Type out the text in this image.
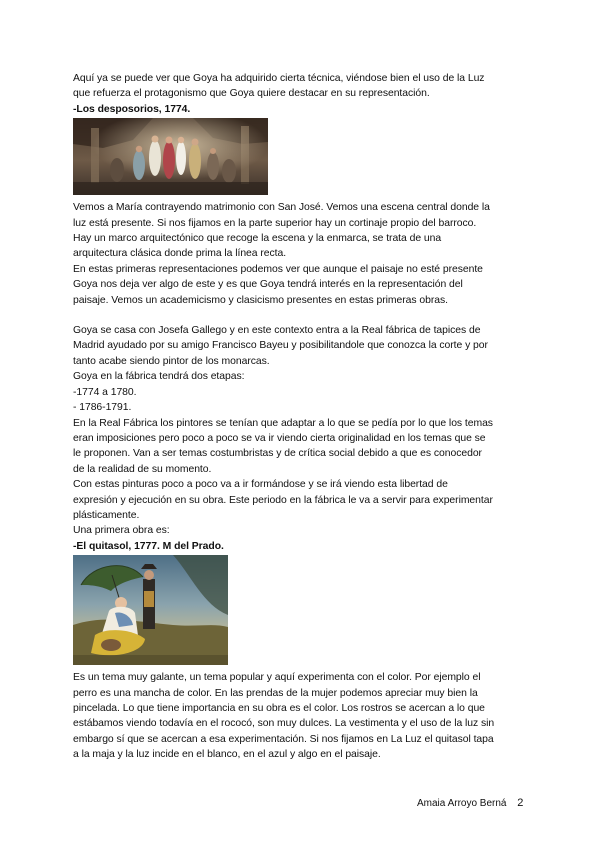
Aquí ya se puede ver que Goya ha adquirido cierta técnica, viéndose bien el uso de la Luz
que refuerza el protagonismo que Goya quiere destacar en su representación.
-Los desposorios, 1774.
Vemos a María contrayendo matrimonio con San José. Vemos una escena central donde la
luz está presente. Si nos fijamos en la parte superior hay un cortinaje propio del barroco.
Hay un marco arquitectónico que recoge la escena y la enmarca, se trata de una
arquitectura clásica donde prima la línea recta.
En estas primeras representaciones podemos ver que aunque el paisaje no esté presente
Goya nos deja ver algo de este y es que Goya tendrá interés en la representación del
paisaje. Vemos un academicismo y clasicismo presentes en estas primeras obras.
Goya se casa con Josefa Gallego y en este contexto entra a la Real fábrica de tapices de
Madrid ayudado por su amigo Francisco Bayeu y posibilitandole que conozca la corte y por
tanto acabe siendo pintor de los monarcas.
Goya en la fábrica tendrá dos etapas:
-1774 a 1780.
- 1786-1791.
En la Real Fábrica los pintores se tenían que adaptar a lo que se pedía por lo que los temas
eran imposiciones pero poco a poco se va ir viendo cierta originalidad en los temas que se
le proponen. Van a ser temas costumbristas y de crítica social debido a que es conocedor
de la realidad de su momento.
Con estas pinturas poco a poco va a ir formándose y se irá viendo esta libertad de
expresión y ejecución en su obra. Este periodo en la fábrica le va a servir para experimentar
plásticamente.
Una primera obra es:
-El quitasol, 1777. M del Prado.
Es un tema muy galante, un tema popular y aquí experimenta con el color. Por ejemplo el
perro es una mancha de color. En las prendas de la mujer podemos apreciar muy bien la
pincelada. Lo que tiene importancia en su obra es el color. Los rostros se acercan a lo que
estábamos viendo todavía en el rococó, son muy dulces. La vestimenta y el uso de la luz sin
embargo sí que se acercan a esa experimentación. Si nos fijamos en La Luz el quitasol tapa
a la maja y la luz incide en el blanco, en el azul y algo en el paisaje.
Amaia Arroyo Berná 2
